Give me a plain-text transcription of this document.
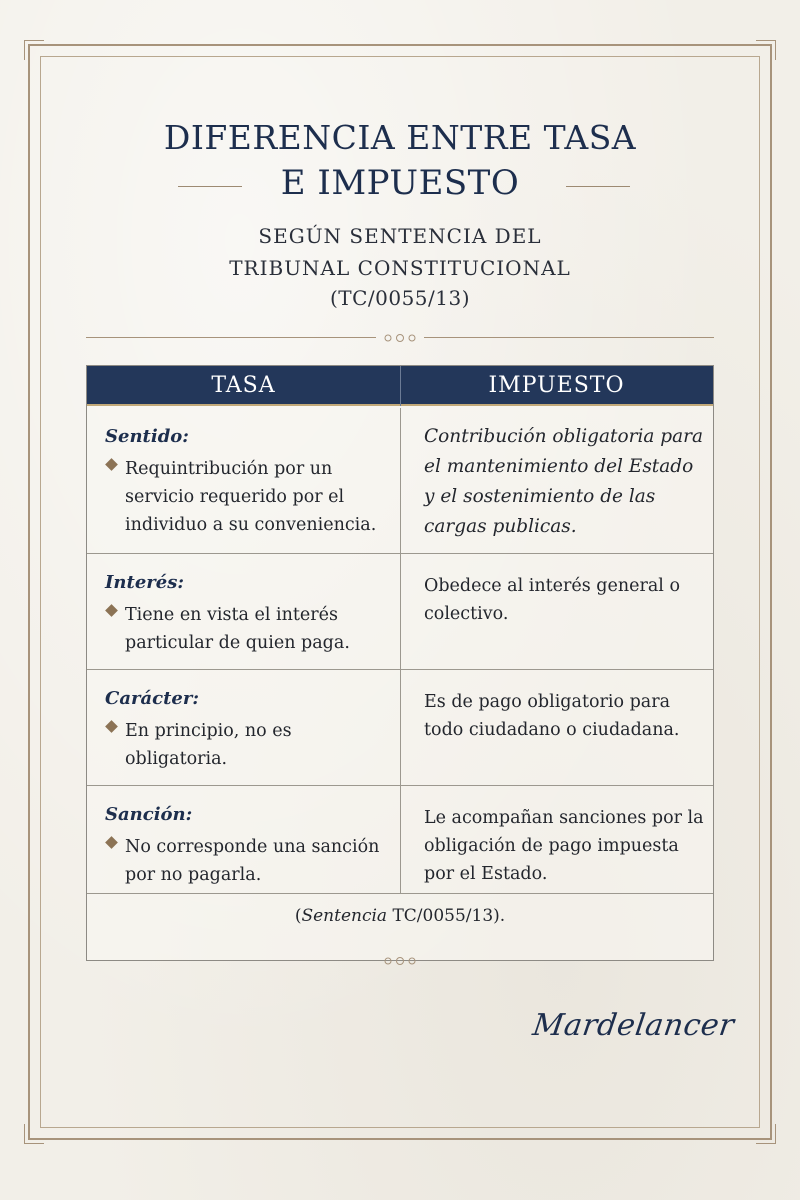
DIFERENCIA ENTRE TASA
E IMPUESTO
SEGÚN SENTENCIA DEL
TRIBUNAL CONSTITUCIONAL
(TC/0055/13)
TASA	IMPUESTO
Sentido:
Requintribución por un servicio requerido por el individuo a su conveniencia.
Contribución obligatoria para el mantenimiento del Estado y el sostenimiento de las cargas publicas.
Interés:
Tiene en vista el interés particular de quien paga.
Obedece al interés general o colectivo.
Carácter:
En principio, no es obligatoria.
Es de pago obligatorio para todo ciudadano o ciudadana.
Sanción:
No corresponde una sanción por no pagarla.
Le acompañan sanciones por la obligación de pago impuesta por el Estado.
(Sentencia TC/0055/13).
Mardelancer
